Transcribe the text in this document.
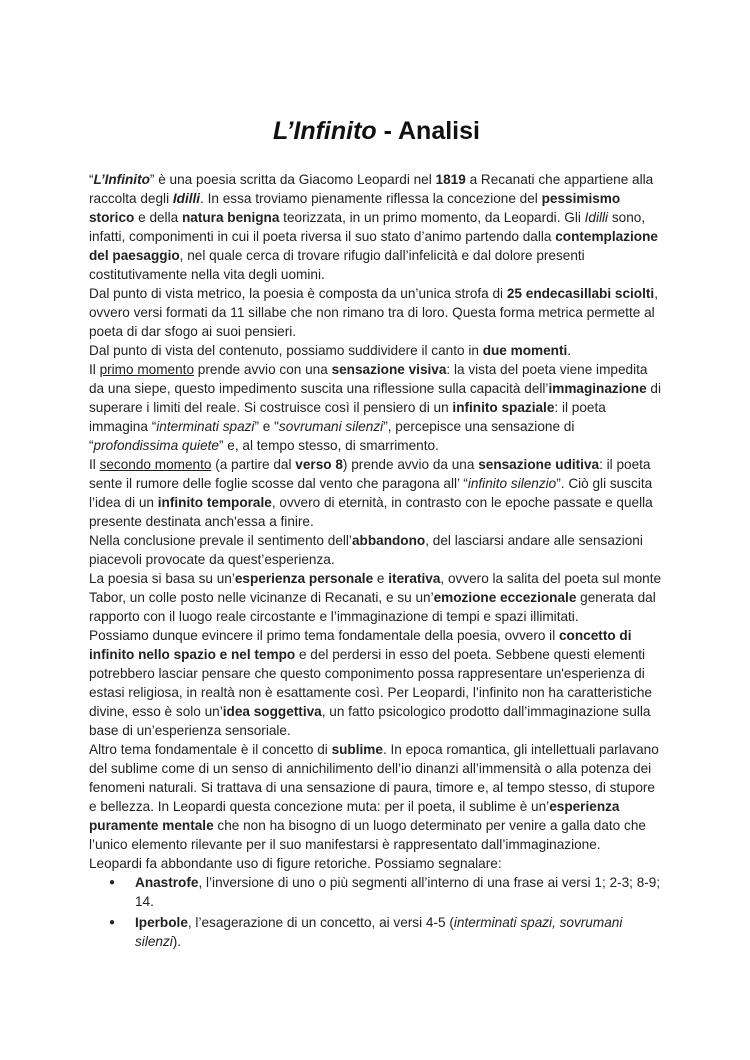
L’Infinito - Analisi

“L’Infinito” è una poesia scritta da Giacomo Leopardi nel 1819 a Recanati che appartiene alla raccolta degli Idilli. In essa troviamo pienamente riflessa la concezione del pessimismo storico e della natura benigna teorizzata, in un primo momento, da Leopardi. Gli Idilli sono, infatti, componimenti in cui il poeta riversa il suo stato d’animo partendo dalla contemplazione del paesaggio, nel quale cerca di trovare rifugio dall’infelicità e dal dolore presenti costitutivamente nella vita degli uomini.

Dal punto di vista metrico, la poesia è composta da un’unica strofa di 25 endecasillabi sciolti, ovvero versi formati da 11 sillabe che non rimano tra di loro. Questa forma metrica permette al poeta di dar sfogo ai suoi pensieri.

Dal punto di vista del contenuto, possiamo suddividere il canto in due momenti.

Il primo momento prende avvio con una sensazione visiva: la vista del poeta viene impedita da una siepe, questo impedimento suscita una riflessione sulla capacità dell’immaginazione di superare i limiti del reale. Si costruisce così il pensiero di un infinito spaziale: il poeta immagina “interminati spazi” e "sovrumani silenzi”, percepisce una sensazione di “profondissima quiete” e, al tempo stesso, di smarrimento.

Il secondo momento (a partire dal verso 8) prende avvio da una sensazione uditiva: il poeta sente il rumore delle foglie scosse dal vento che paragona all’ “infinito silenzio”. Ciò gli suscita l’idea di un infinito temporale, ovvero di eternità, in contrasto con le epoche passate e quella presente destinata anch'essa a finire.

Nella conclusione prevale il sentimento dell’abbandono, del lasciarsi andare alle sensazioni piacevoli provocate da quest’esperienza.

La poesia si basa su un’esperienza personale e iterativa, ovvero la salita del poeta sul monte Tabor, un colle posto nelle vicinanze di Recanati, e su un’emozione eccezionale generata dal rapporto con il luogo reale circostante e l’immaginazione di tempi e spazi illimitati.

Possiamo dunque evincere il primo tema fondamentale della poesia, ovvero il concetto di infinito nello spazio e nel tempo e del perdersi in esso del poeta. Sebbene questi elementi potrebbero lasciar pensare che questo componimento possa rappresentare un'esperienza di estasi religiosa, in realtà non è esattamente così. Per Leopardi, l’infinito non ha caratteristiche divine, esso è solo un’idea soggettiva, un fatto psicologico prodotto dall’immaginazione sulla base di un’esperienza sensoriale.

Altro tema fondamentale è il concetto di sublime. In epoca romantica, gli intellettuali parlavano del sublime come di un senso di annichilimento dell’io dinanzi all’immensità o alla potenza dei fenomeni naturali. Si trattava di una sensazione di paura, timore e, al tempo stesso, di stupore e bellezza. In Leopardi questa concezione muta: per il poeta, il sublime è un’esperienza puramente mentale che non ha bisogno di un luogo determinato per venire a galla dato che l’unico elemento rilevante per il suo manifestarsi è rappresentato dall’immaginazione.

Leopardi fa abbondante uso di figure retoriche. Possiamo segnalare:

● Anastrofe, l’inversione di uno o più segmenti all’interno di una frase ai versi 1; 2-3; 8-9; 14.
● Iperbole, l’esagerazione di un concetto, ai versi 4-5 (interminati spazi, sovrumani silenzi).
